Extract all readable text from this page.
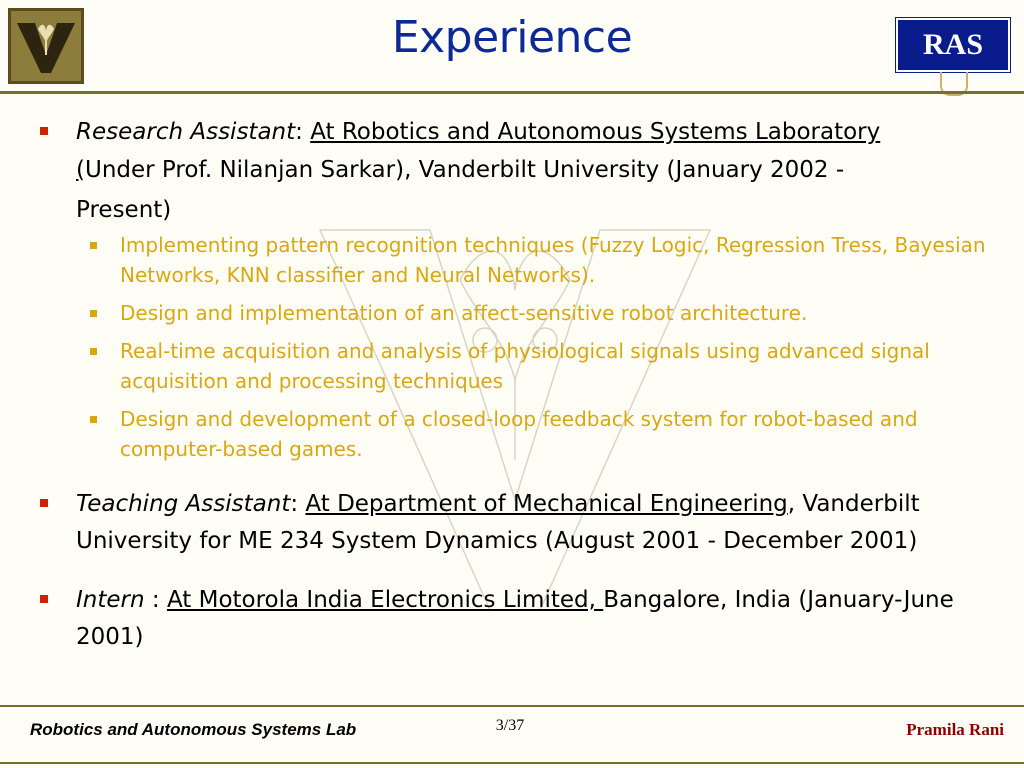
Experience	RAS
Research Assistant: At Robotics and Autonomous Systems Laboratory
(Under Prof. Nilanjan Sarkar), Vanderbilt University (January 2002 -
Present)
Implementing pattern recognition techniques (Fuzzy Logic, Regression Tress, Bayesian Networks, KNN classifier and Neural Networks).
Design and implementation of an affect-sensitive robot architecture.
Real-time acquisition and analysis of physiological signals using advanced signal acquisition and processing techniques
Design and development of a closed-loop feedback system for robot-based and computer-based games.
Teaching Assistant: At Department of Mechanical Engineering, Vanderbilt University for ME 234 System Dynamics (August 2001 - December 2001)
Intern : At Motorola India Electronics Limited, Bangalore, India (January-June 2001)
Robotics and Autonomous Systems Lab	3/37	Pramila Rani
